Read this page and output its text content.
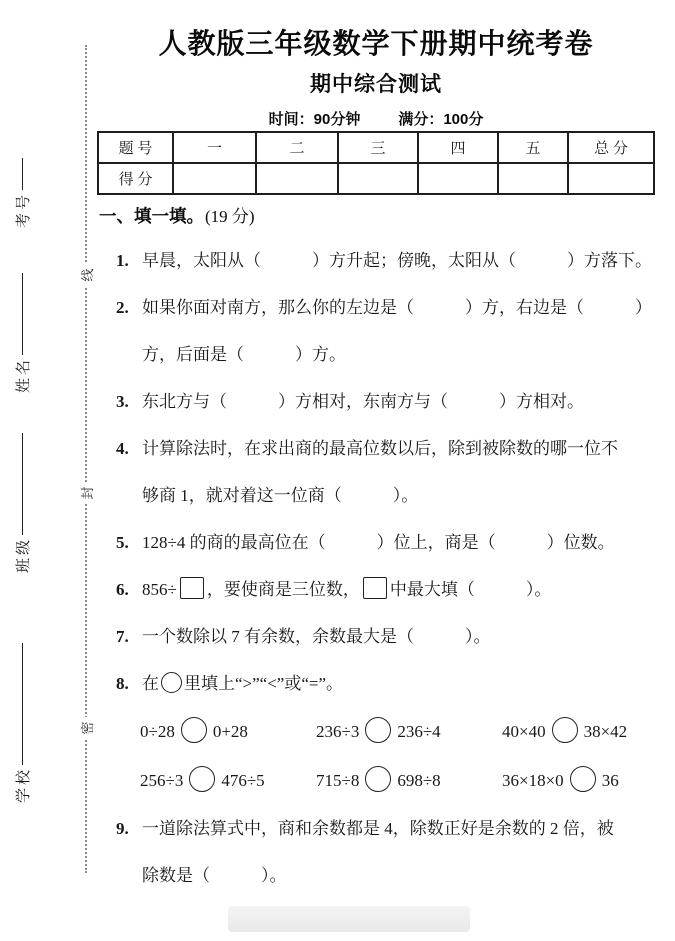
线
封
密
考号
姓名
班级
学校
人教版三年级数学下册期中统考卷
期中综合测试
时间：90分钟	满分：100分
题 号	一	二	三	四	五	总 分
得 分						
一、填一填。(19 分)
1. 早晨，太阳从（　　　）方升起；傍晚，太阳从（　　　）方落下。
2. 如果你面对南方，那么你的左边是（　　　）方，右边是（　　　）
方，后面是（　　　）方。
3. 东北方与（　　　）方相对，东南方与（　　　）方相对。
4. 计算除法时，在求出商的最高位数以后，除到被除数的哪一位不
够商 1，就对着这一位商（　　　）。
5. 128÷4 的商的最高位在（　　　）位上，商是（　　　）位数。
6. 856÷ ，要使商是三位数， 中最大填（　　　）。
7. 一个数除以 7 有余数，余数最大是（　　　）。
8. 在 里填上“>”“<”或“=”。
0÷28 0+28	236÷3 236÷4	40×40 38×42
256÷3 476÷5	715÷8 698÷8	36×18×0 36
9. 一道除法算式中，商和余数都是 4，除数正好是余数的 2 倍，被
除数是（　　　）。
